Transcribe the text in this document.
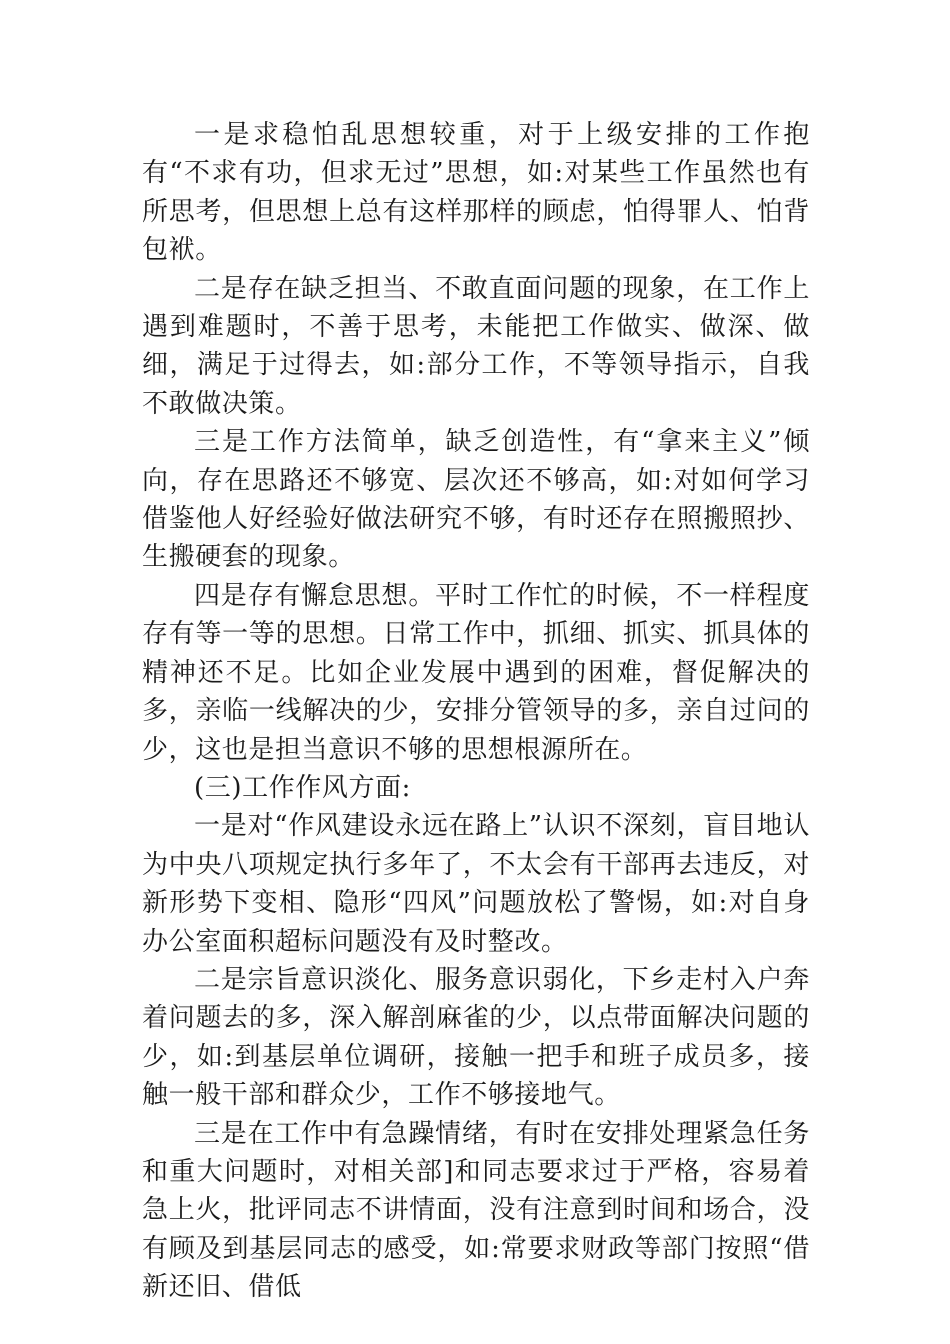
一是求稳怕乱思想较重，对于上级安排的工作抱有“不求有功，但求无过”思想，如:对某些工作虽然也有所思考，但思想上总有这样那样的顾虑，怕得罪人、怕背包袱。

二是存在缺乏担当、不敢直面问题的现象，在工作上遇到难题时，不善于思考，未能把工作做实、做深、做细，满足于过得去，如:部分工作，不等领导指示，自我不敢做决策。

三是工作方法简单，缺乏创造性，有“拿来主义”倾向，存在思路还不够宽、层次还不够高，如:对如何学习借鉴他人好经验好做法研究不够，有时还存在照搬照抄、生搬硬套的现象。

四是存有懈怠思想。平时工作忙的时候，不一样程度存有等一等的思想。日常工作中，抓细、抓实、抓具体的精神还不足。比如企业发展中遇到的困难，督促解决的多，亲临一线解决的少，安排分管领导的多，亲自过问的少，这也是担当意识不够的思想根源所在。

(三)工作作风方面:

一是对“作风建设永远在路上”认识不深刻，盲目地认为中央八项规定执行多年了，不太会有干部再去违反，对新形势下变相、隐形“四风”问题放松了警惕，如:对自身办公室面积超标问题没有及时整改。

二是宗旨意识淡化、服务意识弱化，下乡走村入户奔着问题去的多，深入解剖麻雀的少，以点带面解决问题的少，如:到基层单位调研，接触一把手和班子成员多，接触一般干部和群众少，工作不够接地气。

三是在工作中有急躁情绪，有时在安排处理紧急任务和重大问题时，对相关部]和同志要求过于严格，容易着急上火，批评同志不讲情面，没有注意到时间和场合，没有顾及到基层同志的感受，如:常要求财政等部门按照“借新还旧、借低
